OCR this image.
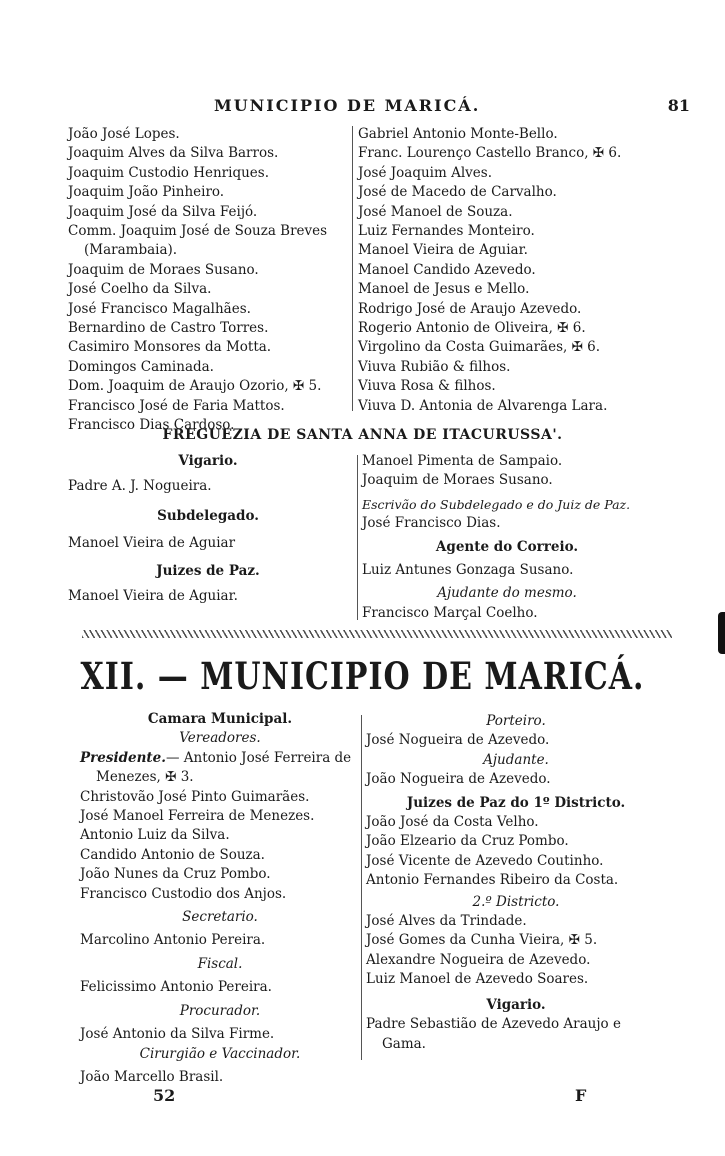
MUNICIPIO DE MARICÁ.	81
João José Lopes.
Joaquim Alves da Silva Barros.
Joaquim Custodio Henriques.
Joaquim João Pinheiro.
Joaquim José da Silva Feijó.
Comm. Joaquim José de Souza Breves
(Marambaia).
Joaquim de Moraes Susano.
José Coelho da Silva.
José Francisco Magalhães.
Bernardino de Castro Torres.
Casimiro Monsores da Motta.
Domingos Caminada.
Dom. Joaquim de Araujo Ozorio, ✠ 5.
Francisco José de Faria Mattos.
Francisco Dias Cardoso.
Gabriel Antonio Monte-Bello.
Franc. Lourenço Castello Branco, ✠ 6.
José Joaquim Alves.
José de Macedo de Carvalho.
José Manoel de Souza.
Luiz Fernandes Monteiro.
Manoel Vieira de Aguiar.
Manoel Candido Azevedo.
Manoel de Jesus e Mello.
Rodrigo José de Araujo Azevedo.
Rogerio Antonio de Oliveira, ✠ 6.
Virgolino da Costa Guimarães, ✠ 6.
Viuva Rubião & filhos.
Viuva Rosa & filhos.
Viuva D. Antonia de Alvarenga Lara.
FREGUEZIA DE SANTA ANNA DE ITACURUSSA'.
Vigario.
Padre A. J. Nogueira.
Subdelegado.
Manoel Vieira de Aguiar
Juizes de Paz.
Manoel Vieira de Aguiar.
Manoel Pimenta de Sampaio.
Joaquim de Moraes Susano.
Escrivão do Subdelegado e do Juiz de Paz.
José Francisco Dias.
Agente do Correio.
Luiz Antunes Gonzaga Susano.
Ajudante do mesmo.
Francisco Marçal Coelho.
XII. — MUNICIPIO DE MARICÁ.
Camara Municipal.
Vereadores.
Presidente.— Antonio José Ferreira de
Menezes, ✠ 3.
Christovão José Pinto Guimarães.
José Manoel Ferreira de Menezes.
Antonio Luiz da Silva.
Candido Antonio de Souza.
João Nunes da Cruz Pombo.
Francisco Custodio dos Anjos.
Secretario.
Marcolino Antonio Pereira.
Fiscal.
Felicissimo Antonio Pereira.
Procurador.
José Antonio da Silva Firme.
Cirurgião e Vaccinador.
João Marcello Brasil.
Porteiro.
José Nogueira de Azevedo.
Ajudante.
João Nogueira de Azevedo.
Juizes de Paz do 1º Districto.
João José da Costa Velho.
João Elzeario da Cruz Pombo.
José Vicente de Azevedo Coutinho.
Antonio Fernandes Ribeiro da Costa.
2.º Districto.
José Alves da Trindade.
José Gomes da Cunha Vieira, ✠ 5.
Alexandre Nogueira de Azevedo.
Luiz Manoel de Azevedo Soares.
Vigario.
Padre Sebastião de Azevedo Araujo e
Gama.
52	F
